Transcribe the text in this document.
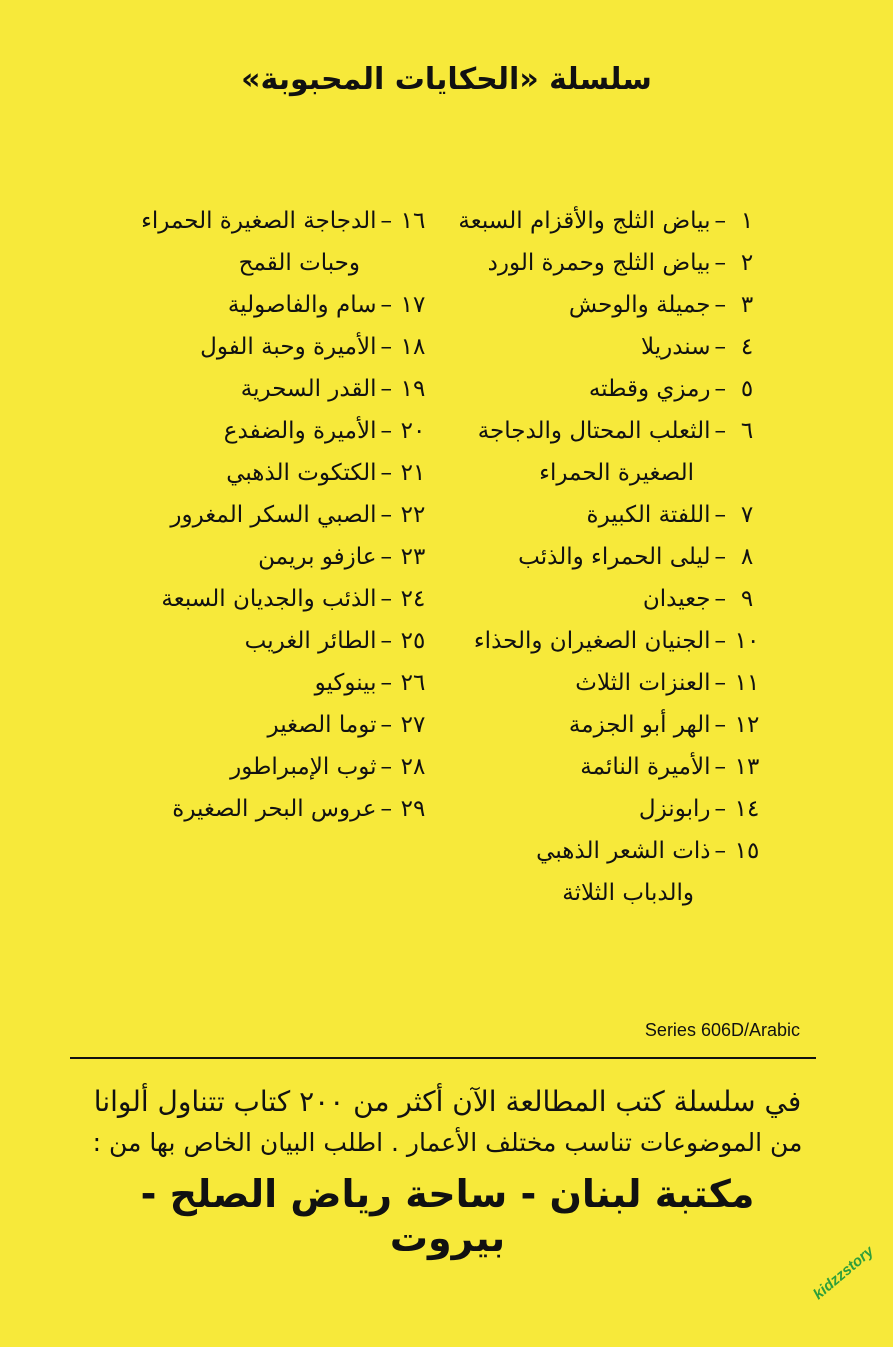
سلسلة «الحكايات المحبوبة»
١–بياض الثلج والأقزام السبعة
٢–بياض الثلج وحمرة الورد
٣–جميلة والوحش
٤–سندريلا
٥–رمزي وقطته
٦–الثعلب المحتال والدجاجة
الصغيرة الحمراء
٧–اللفتة الكبيرة
٨–ليلى الحمراء والذئب
٩–جعيدان
١٠–الجنيان الصغيران والحذاء
١١–العنزات الثلاث
١٢–الهر أبو الجزمة
١٣–الأميرة النائمة
١٤–رابونزل
١٥–ذات الشعر الذهبي
والدباب الثلاثة
١٦–الدجاجة الصغيرة الحمراء
وحبات القمح
١٧–سام والفاصولية
١٨–الأميرة وحبة الفول
١٩–القدر السحرية
٢٠–الأميرة والضفدع
٢١–الكتكوت الذهبي
٢٢–الصبي السكر المغرور
٢٣–عازفو بريمن
٢٤–الذئب والجديان السبعة
٢٥–الطائر الغريب
٢٦–بينوكيو
٢٧–توما الصغير
٢٨–ثوب الإمبراطور
٢٩–عروس البحر الصغيرة
Series 606D/Arabic
في سلسلة كتب المطالعة الآن أكثر من ٢٠٠ كتاب تتناول ألوانا
من الموضوعات تناسب مختلف الأعمار . اطلب البيان الخاص بها من :
مكتبة لبنان - ساحة رياض الصلح - بيروت
kidzzstory
